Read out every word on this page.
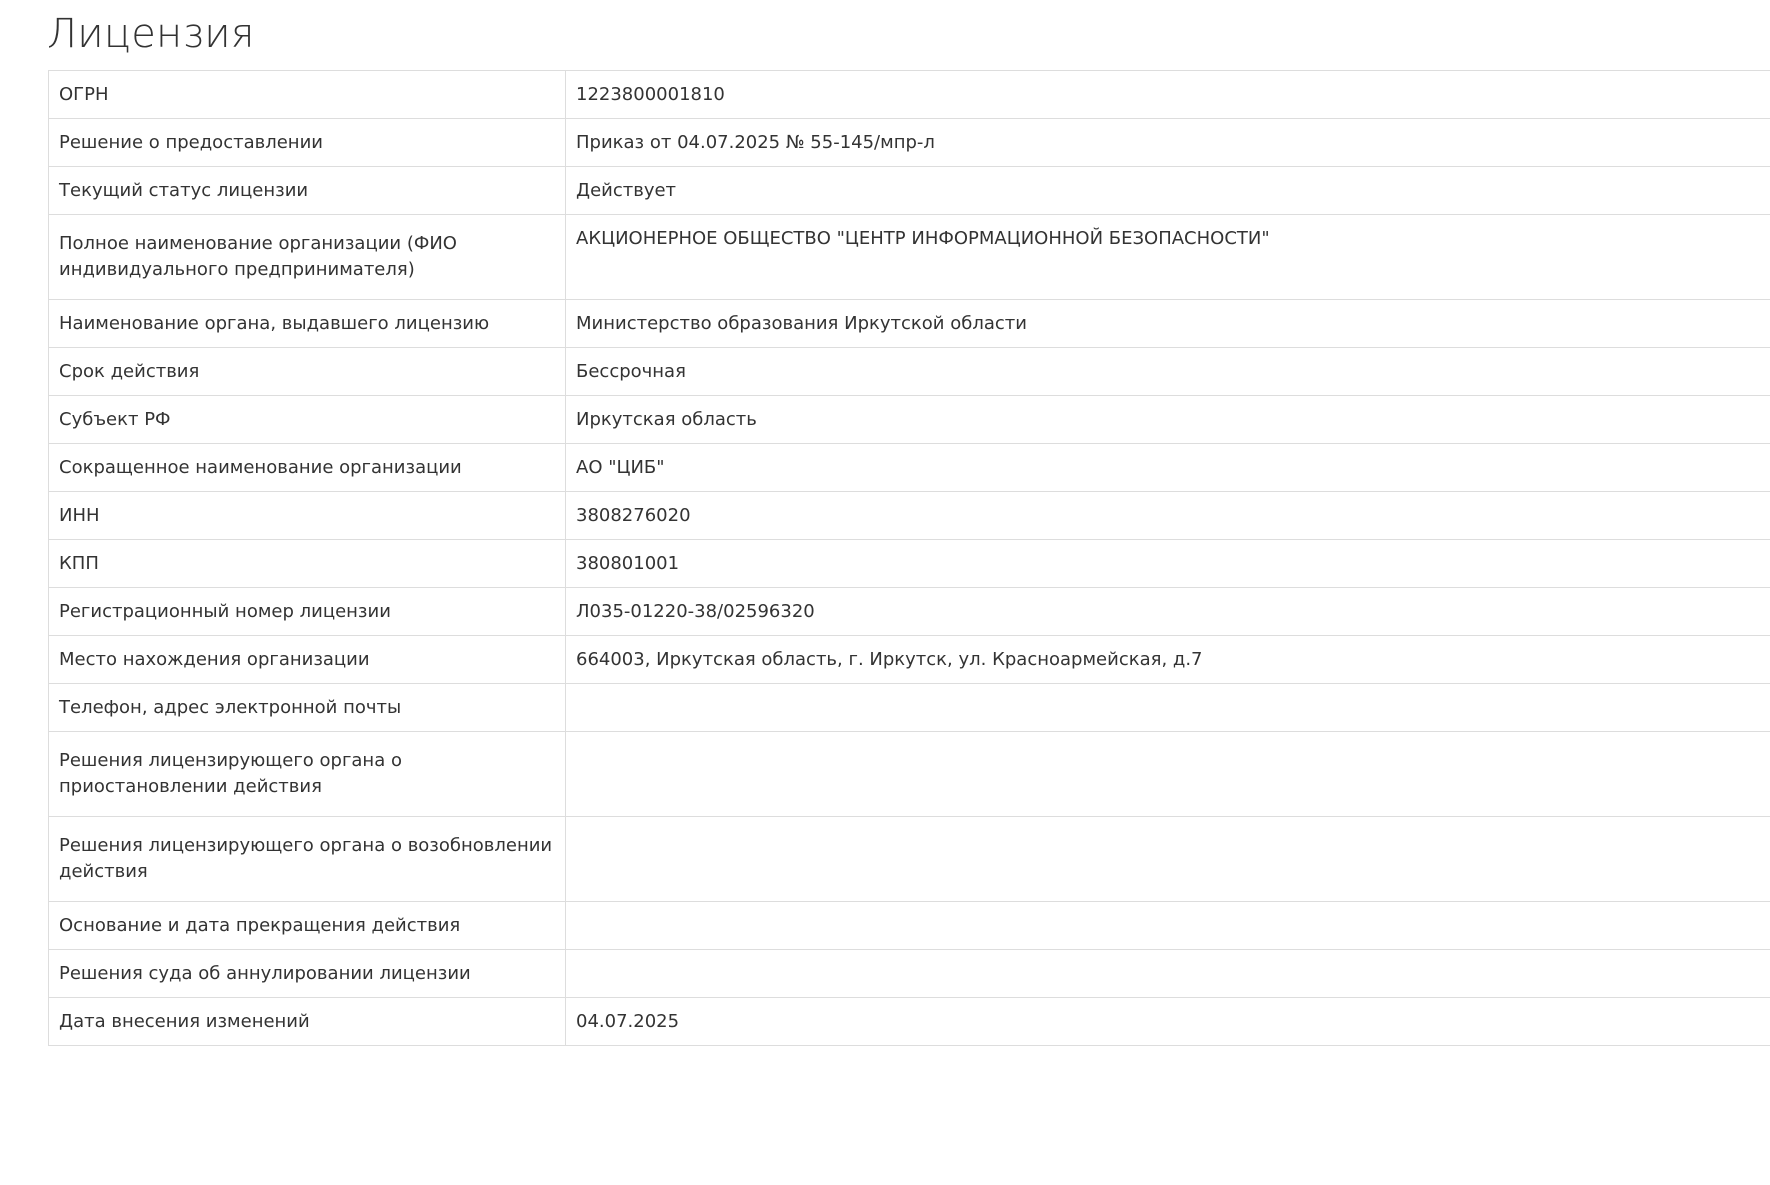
Лицензия
ОГРН	1223800001810
Решение о предоставлении	Приказ от 04.07.2025 № 55-145/мпр-л
Текущий статус лицензии	Действует
Полное наименование организации (ФИО индивидуального предпринимателя)	АКЦИОНЕРНОЕ ОБЩЕСТВО "ЦЕНТР ИНФОРМАЦИОННОЙ БЕЗОПАСНОСТИ"
Наименование органа, выдавшего лицензию	Министерство образования Иркутской области
Срок действия	Бессрочная
Субъект РФ	Иркутская область
Сокращенное наименование организации	АО "ЦИБ"
ИНН	3808276020
КПП	380801001
Регистрационный номер лицензии	Л035-01220-38/02596320
Место нахождения организации	664003, Иркутская область, г. Иркутск, ул. Красноармейская, д.7
Телефон, адрес электронной почты	
Решения лицензирующего органа о приостановлении действия	
Решения лицензирующего органа о возобновлении действия	
Основание и дата прекращения действия	
Решения суда об аннулировании лицензии	
Дата внесения изменений	04.07.2025
